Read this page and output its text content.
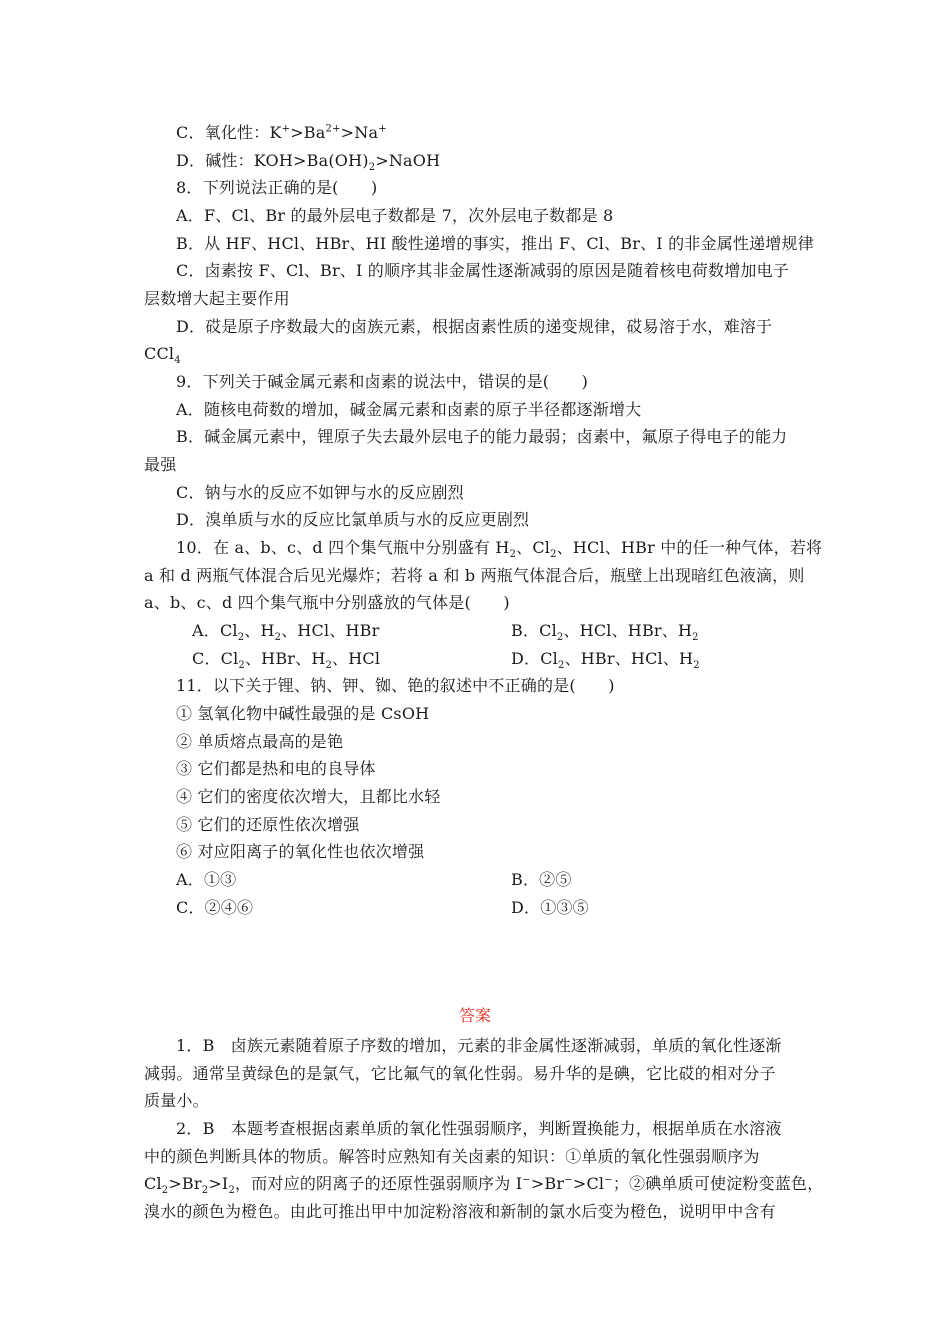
答案
C．氧化性：$K^+>Ba^{2+}>Na^+$
D．碱性：$KOH>Ba(OH)_2>NaOH$
8．下列说法正确的是(　　)
A．F、Cl、Br 的最外层电子数都是 7，次外层电子数都是 8
B．从 HF、HCl、HBr、HI 酸性递增的事实，推出 F、Cl、Br、I 的非金属性递增规律
C．卤素按 F、Cl、Br、I 的顺序其非金属性逐渐减弱的原因是随着核电荷数增加电子
层数增大起主要作用
D．砹是原子序数最大的卤族元素，根据卤素性质的递变规律，砹易溶于水，难溶于
CCl$_4$
9．下列关于碱金属元素和卤素的说法中，错误的是(　　)
A．随核电荷数的增加，碱金属元素和卤素的原子半径都逐渐增大
B．碱金属元素中，锂原子失去最外层电子的能力最弱；卤素中，氟原子得电子的能力
最强
C．钠与水的反应不如钾与水的反应剧烈
D．溴单质与水的反应比氯单质与水的反应更剧烈
10．在 a、b、c、d 四个集气瓶中分别盛有 $H_2$、$Cl_2$、HCl、HBr 中的任一种气体，若将
a 和 d 两瓶气体混合后见光爆炸；若将 a 和 b 两瓶气体混合后，瓶壁上出现暗红色液滴，则
a、b、c、d 四个集气瓶中分别盛放的气体是(　　)
A．$Cl_2$、$H_2$、HCl、HBr	B．$Cl_2$、HCl、HBr、$H_2$
C．$Cl_2$、HBr、$H_2$、HCl	D．$Cl_2$、HBr、HCl、$H_2$
11．以下关于锂、钠、钾、铷、铯的叙述中不正确的是(　　)
① 氢氧化物中碱性最强的是 CsOH
② 单质熔点最高的是铯
③ 它们都是热和电的良导体
④ 它们的密度依次增大，且都比水轻
⑤ 它们的还原性依次增强
⑥ 对应阳离子的氧化性也依次增强
A．①③	B．②⑤
C．②④⑥	D．①③⑤
1．B　卤族元素随着原子序数的增加，元素的非金属性逐渐减弱，单质的氧化性逐渐
减弱。通常呈黄绿色的是氯气，它比氟气的氧化性弱。易升华的是碘，它比砹的相对分子
质量小。
2．B　本题考查根据卤素单质的氧化性强弱顺序，判断置换能力，根据单质在水溶液
中的颜色判断具体的物质。解答时应熟知有关卤素的知识：①单质的氧化性强弱顺序为
$Cl_2>Br_2>I_2$，而对应的阴离子的还原性强弱顺序为 I−>Br−>Cl−；②碘单质可使淀粉变蓝色，
溴水的颜色为橙色。由此可推出甲中加淀粉溶液和新制的氯水后变为橙色，说明甲中含有
